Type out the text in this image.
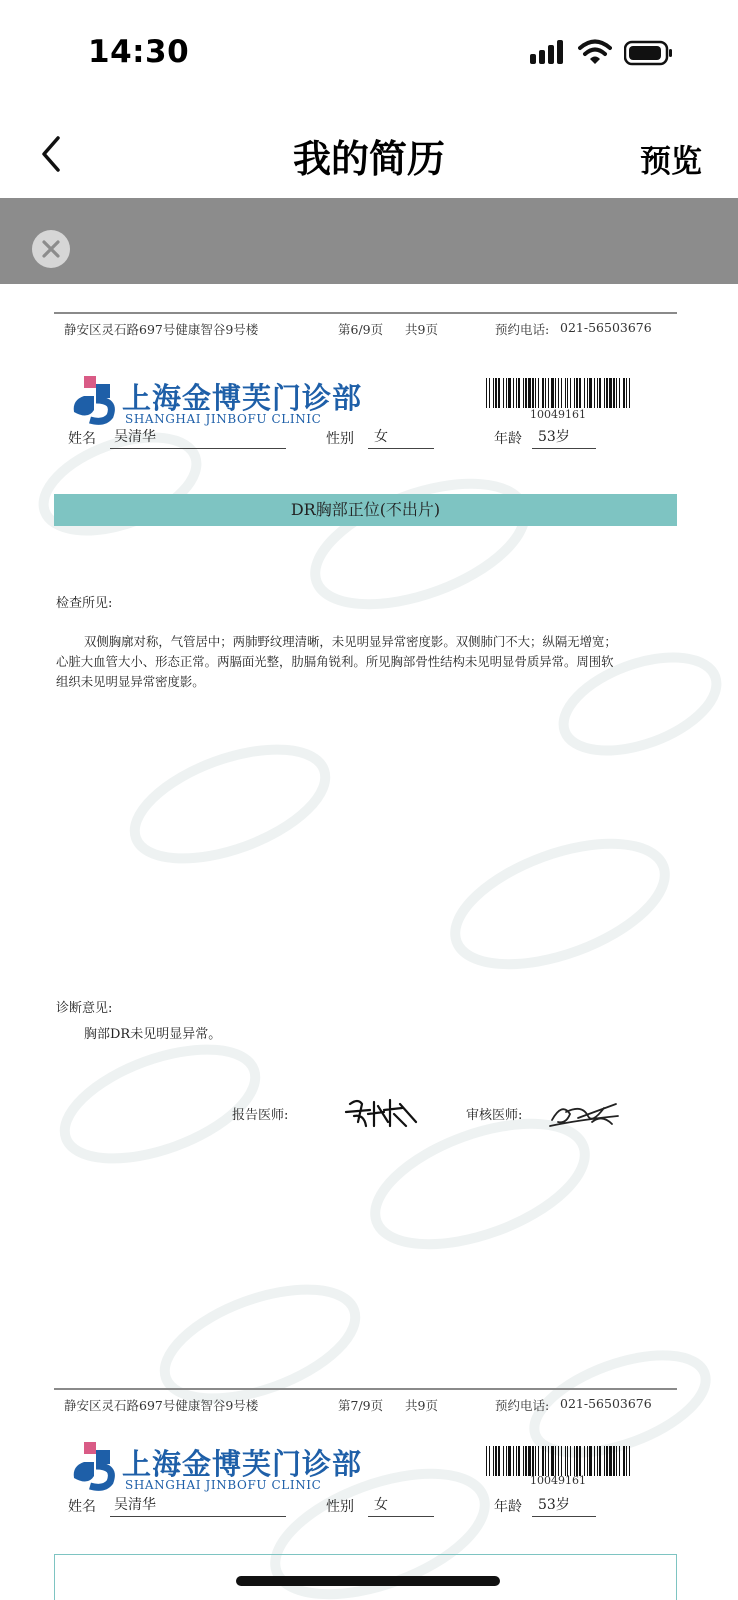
14:30
我的简历	预览
静安区灵石路697号健康智谷9号楼	第6/9页 共9页	预约电话: 021-56503676
上海金博芙门诊部
SHANGHAI JINBOFU CLINIC	10049161
姓名 吴清华	性别 女	年龄 53岁
DR胸部正位(不出片)
检查所见:
双侧胸廓对称，气管居中；两肺野纹理清晰，未见明显异常密度影。双侧肺门不大；纵隔无增宽；
心脏大血管大小、形态正常。两膈面光整，肋膈角锐利。所见胸部骨性结构未见明显骨质异常。周围软
组织未见明显异常密度影。
诊断意见:
胸部DR未见明显异常。
报告医师:	审核医师:
静安区灵石路697号健康智谷9号楼	第7/9页 共9页	预约电话: 021-56503676
上海金博芙门诊部
SHANGHAI JINBOFU CLINIC	10049161
姓名 吴清华	性别 女	年龄 53岁
